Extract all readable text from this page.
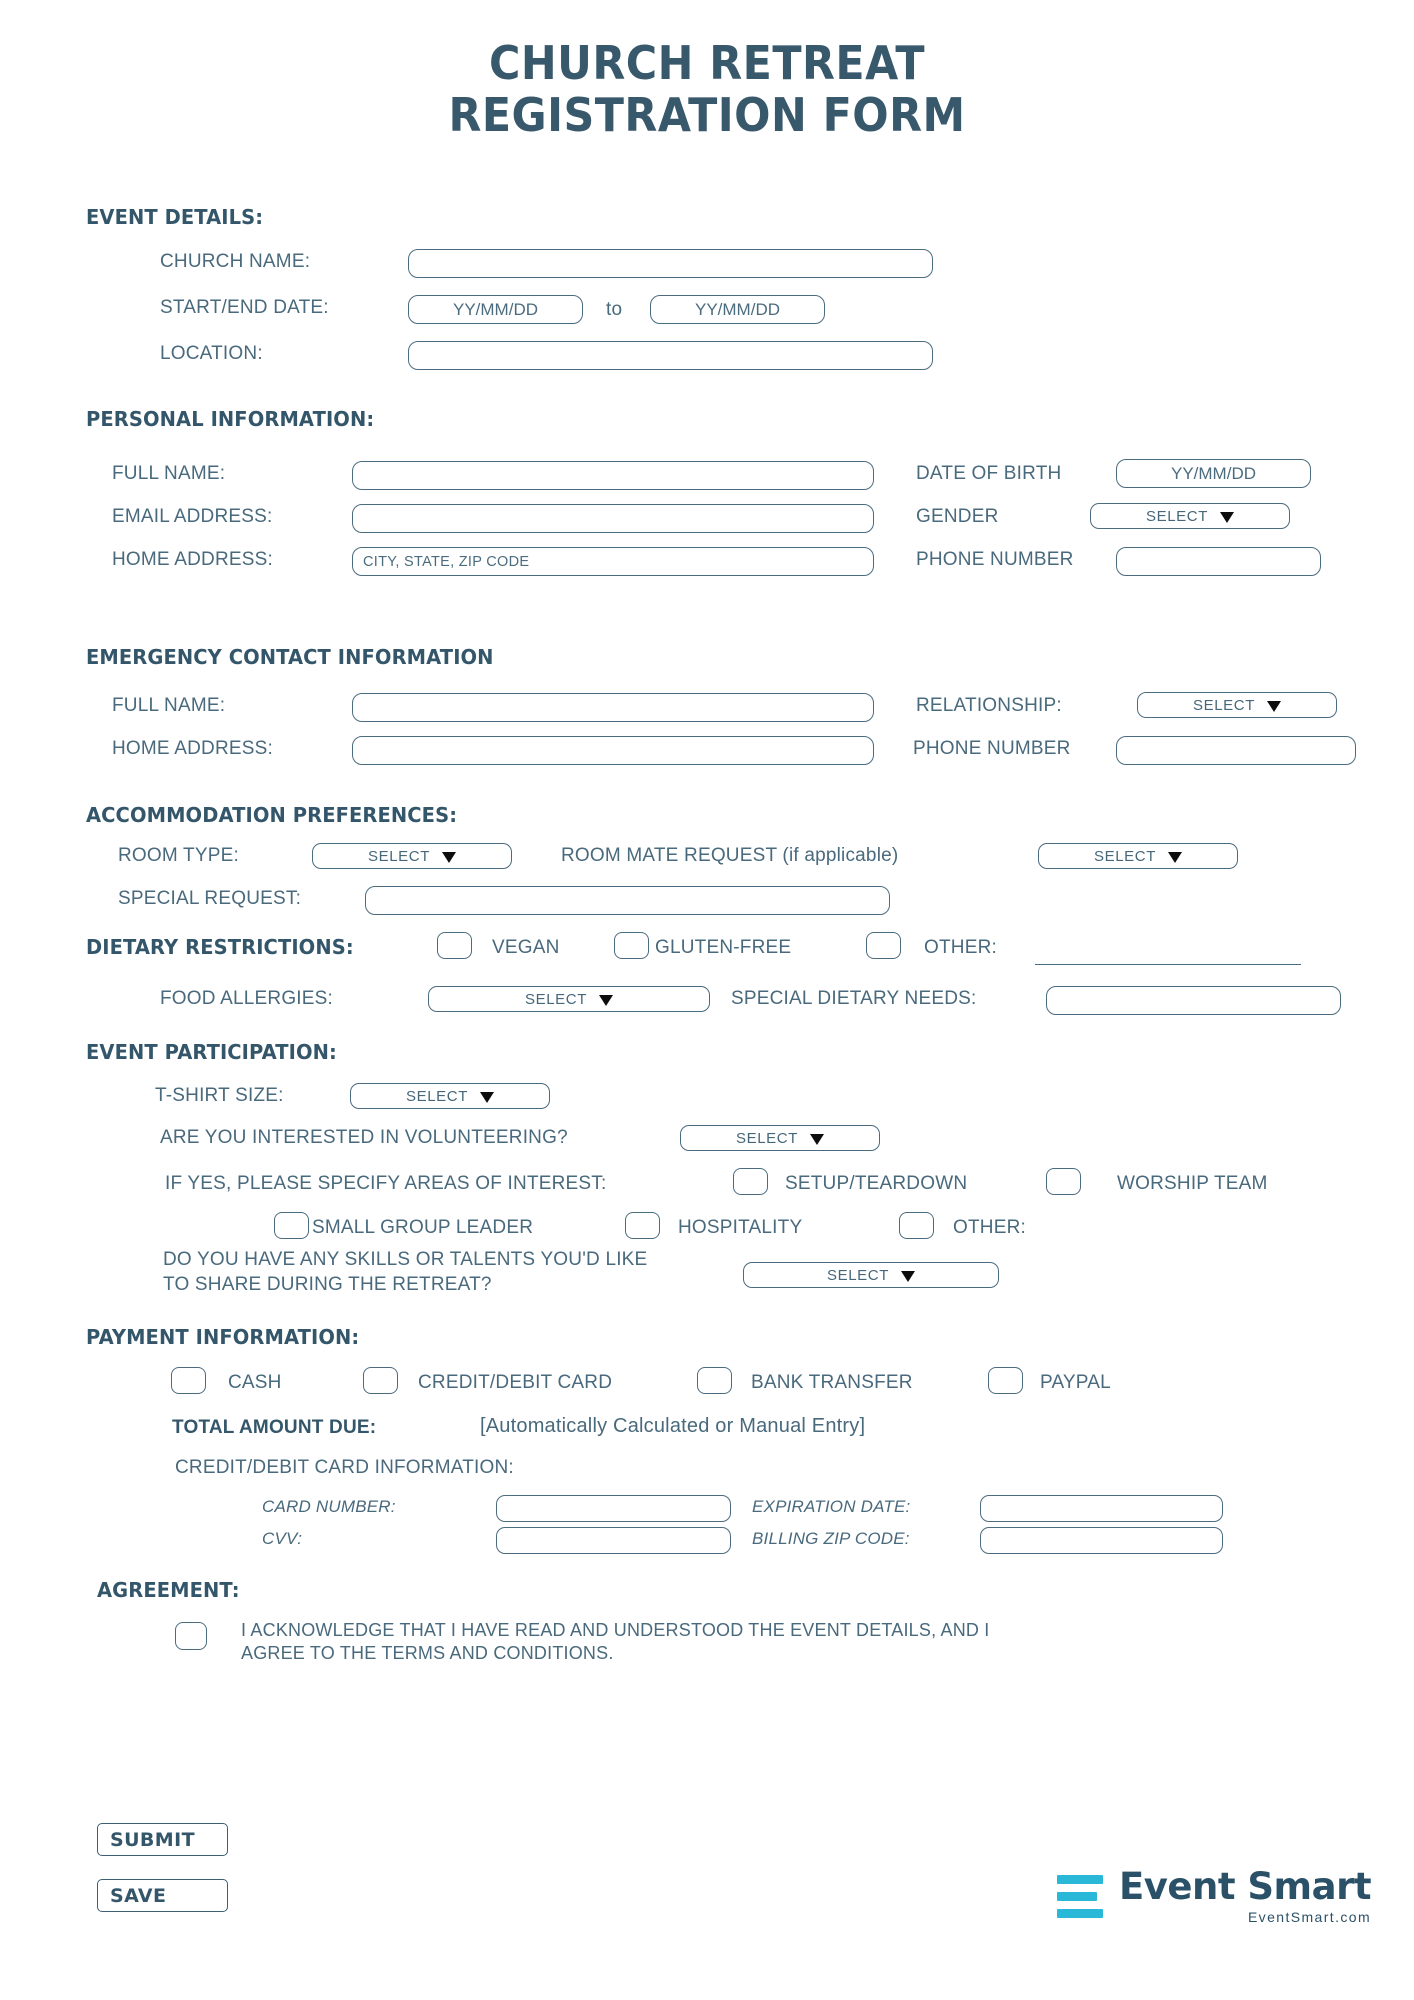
CHURCH RETREAT
REGISTRATION FORM
EVENT DETAILS:
CHURCH NAME:
START/END DATE:	YY/MM/DD	to	YY/MM/DD
LOCATION:
PERSONAL INFORMATION:
FULL NAME:	DATE OF BIRTH	YY/MM/DD
EMAIL ADDRESS:	GENDER	SELECT
HOME ADDRESS:	CITY, STATE, ZIP CODE	PHONE NUMBER
EMERGENCY CONTACT INFORMATION
FULL NAME:	RELATIONSHIP:	SELECT
HOME ADDRESS:	PHONE NUMBER
ACCOMMODATION PREFERENCES:
ROOM TYPE:	SELECT	ROOM MATE REQUEST (if applicable)	SELECT
SPECIAL REQUEST:
DIETARY RESTRICTIONS:	VEGAN	GLUTEN-FREE	OTHER:
FOOD ALLERGIES:	SELECT	SPECIAL DIETARY NEEDS:
EVENT PARTICIPATION:
T-SHIRT SIZE:	SELECT
ARE YOU INTERESTED IN VOLUNTEERING?	SELECT
IF YES, PLEASE SPECIFY AREAS OF INTEREST:	SETUP/TEARDOWN	WORSHIP TEAM
SMALL GROUP LEADER	HOSPITALITY	OTHER:
DO YOU HAVE ANY SKILLS OR TALENTS YOU'D LIKE
TO SHARE DURING THE RETREAT?	SELECT
PAYMENT INFORMATION:
CASH	CREDIT/DEBIT CARD	BANK TRANSFER	PAYPAL
TOTAL AMOUNT DUE:	[Automatically Calculated or Manual Entry]
CREDIT/DEBIT CARD INFORMATION:
CARD NUMBER:	EXPIRATION DATE:
CVV:	BILLING ZIP CODE:
AGREEMENT:
I ACKNOWLEDGE THAT I HAVE READ AND UNDERSTOOD THE EVENT DETAILS, AND I
AGREE TO THE TERMS AND CONDITIONS.
SUBMIT
SAVE	Event Smart
EventSmart.com
